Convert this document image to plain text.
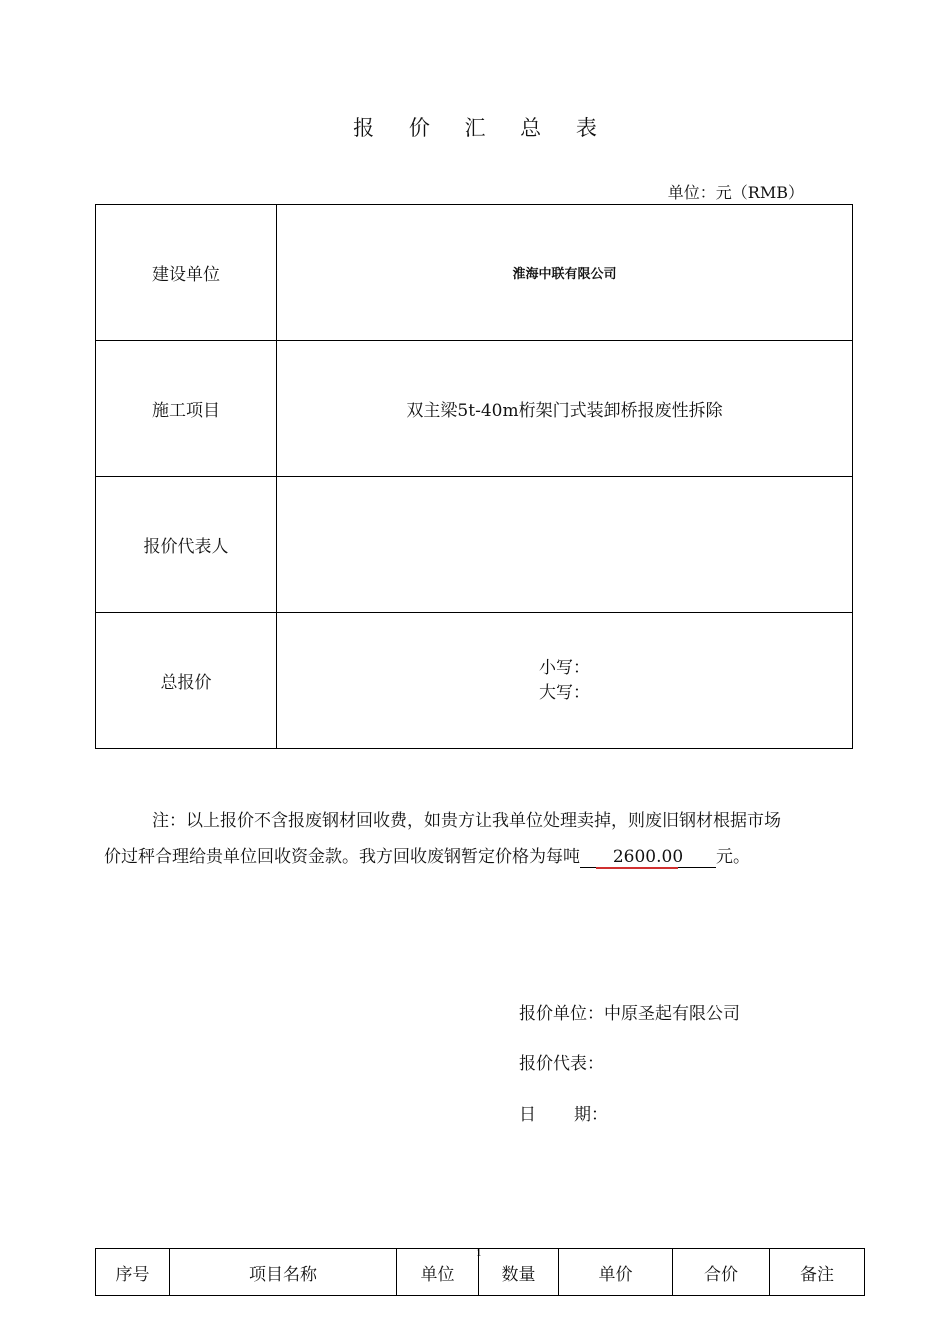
报 价 汇 总 表
单位：元（RMB）
建设单位	淮海中联有限公司
施工项目	双主梁5t-40m桁架门式装卸桥报废性拆除
报价代表人	
总报价	小写：
大写：
注：以上报价不含报废钢材回收费，如贵方让我单位处理卖掉，则废旧钢材根据市场
价过秤合理给贵单位回收资金款。我方回收废钢暂定价格为每吨 2600.00 元。
报价单位：中原圣起有限公司
报价代表：
日 期：
1
序号	项目名称	单位	数量	单价	合价	备注
